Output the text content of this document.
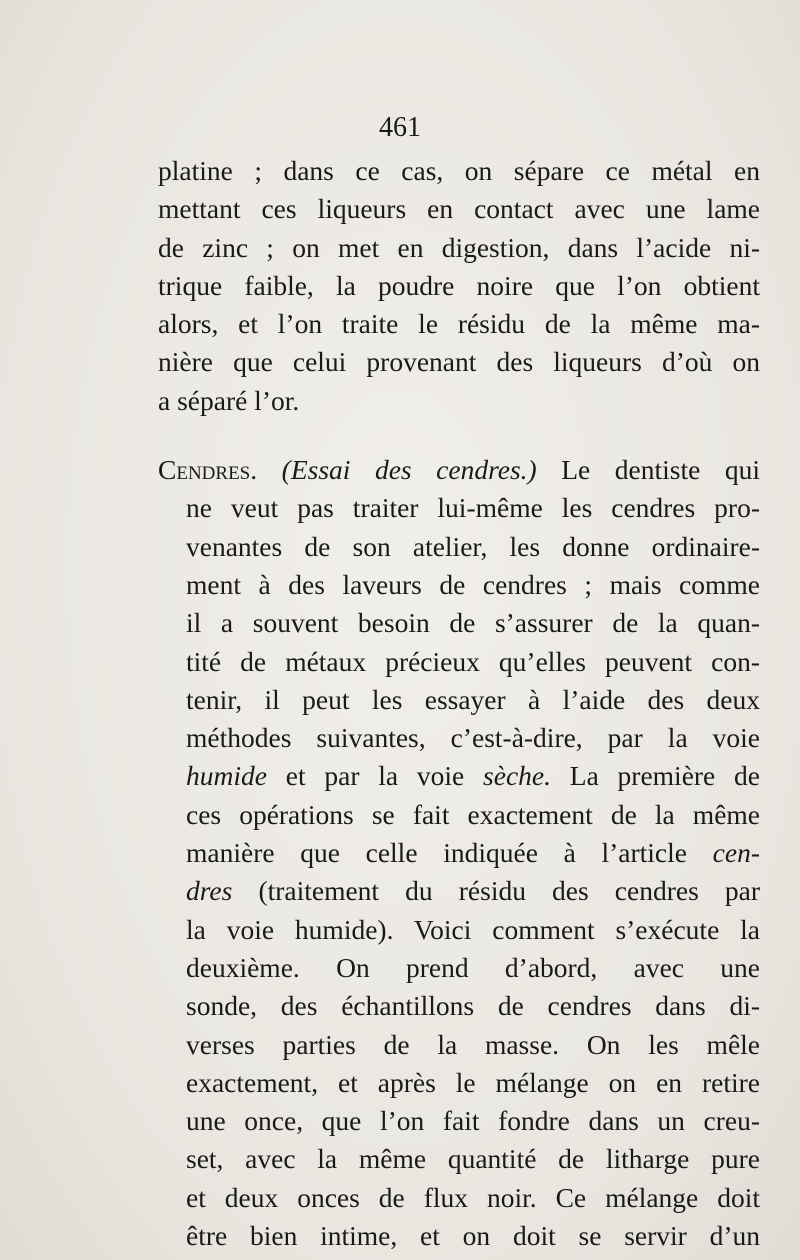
461
platine ; dans ce cas, on sépare ce métal en
mettant ces liqueurs en contact avec une lame
de zinc ; on met en digestion, dans l’acide ni-
trique faible, la poudre noire que l’on obtient
alors, et l’on traite le résidu de la même ma-
nière que celui provenant des liqueurs d’où on
a séparé l’or.
Cendres. (Essai des cendres.) Le dentiste qui
ne veut pas traiter lui-même les cendres pro-
venantes de son atelier, les donne ordinaire-
ment à des laveurs de cendres ; mais comme
il a souvent besoin de s’assurer de la quan-
tité de métaux précieux qu’elles peuvent con-
tenir, il peut les essayer à l’aide des deux
méthodes suivantes, c’est-à-dire, par la voie
humide et par la voie sèche. La première de
ces opérations se fait exactement de la même
manière que celle indiquée à l’article cen-
dres (traitement du résidu des cendres par
la voie humide). Voici comment s’exécute la
deuxième. On prend d’abord, avec une
sonde, des échantillons de cendres dans di-
verses parties de la masse. On les mêle
exactement, et après le mélange on en retire
une once, que l’on fait fondre dans un creu-
set, avec la même quantité de litharge pure
et deux onces de flux noir. Ce mélange doit
être bien intime, et on doit se servir d’un
